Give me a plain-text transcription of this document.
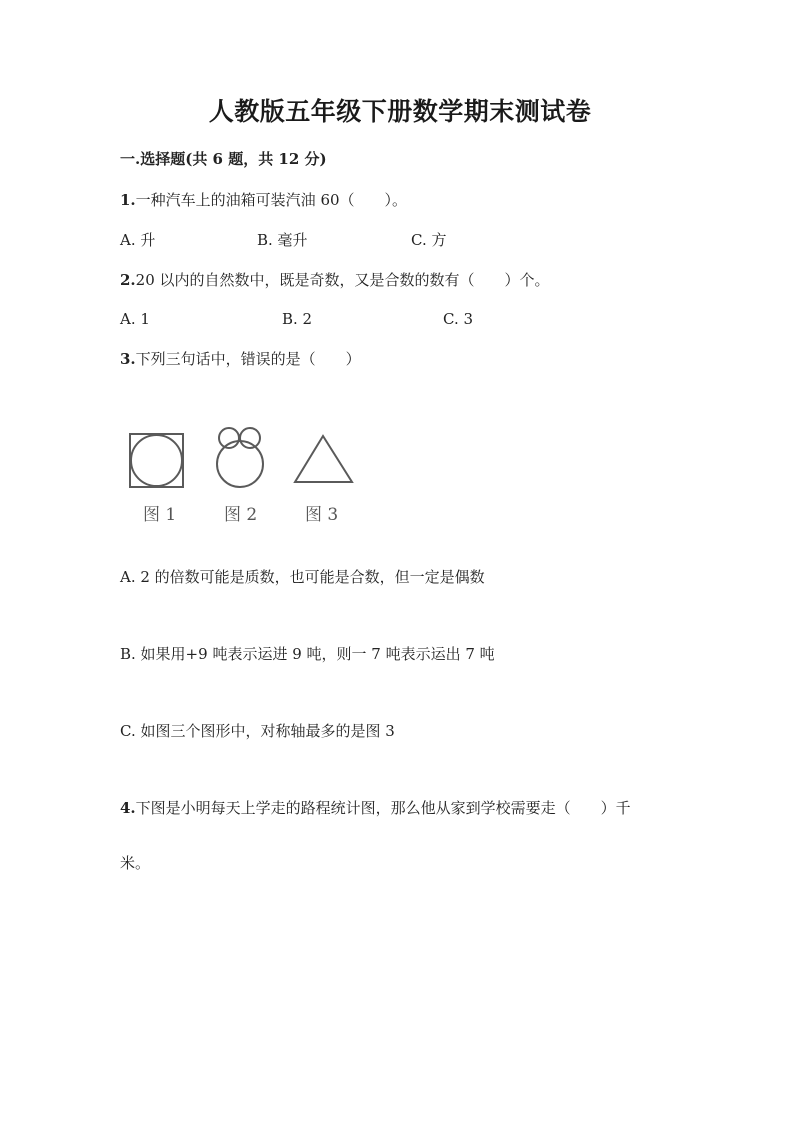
人教版五年级下册数学期末测试卷
一.选择题(共 6 题，共 12 分)
1.一种汽车上的油箱可装汽油 60（　　）。
A. 升	B. 毫升	C. 方
2.20 以内的自然数中，既是奇数，又是合数的数有（　　）个。
A. 1	B. 2	C. 3
3.下列三句话中，错误的是（　　）
图 1	图 2	图 3
A. 2 的倍数可能是质数，也可能是合数，但一定是偶数
B. 如果用+9 吨表示运进 9 吨，则一 7 吨表示运出 7 吨
C. 如图三个图形中，对称轴最多的是图 3
4.下图是小明每天上学走的路程统计图，那么他从家到学校需要走（　　）千
米。
